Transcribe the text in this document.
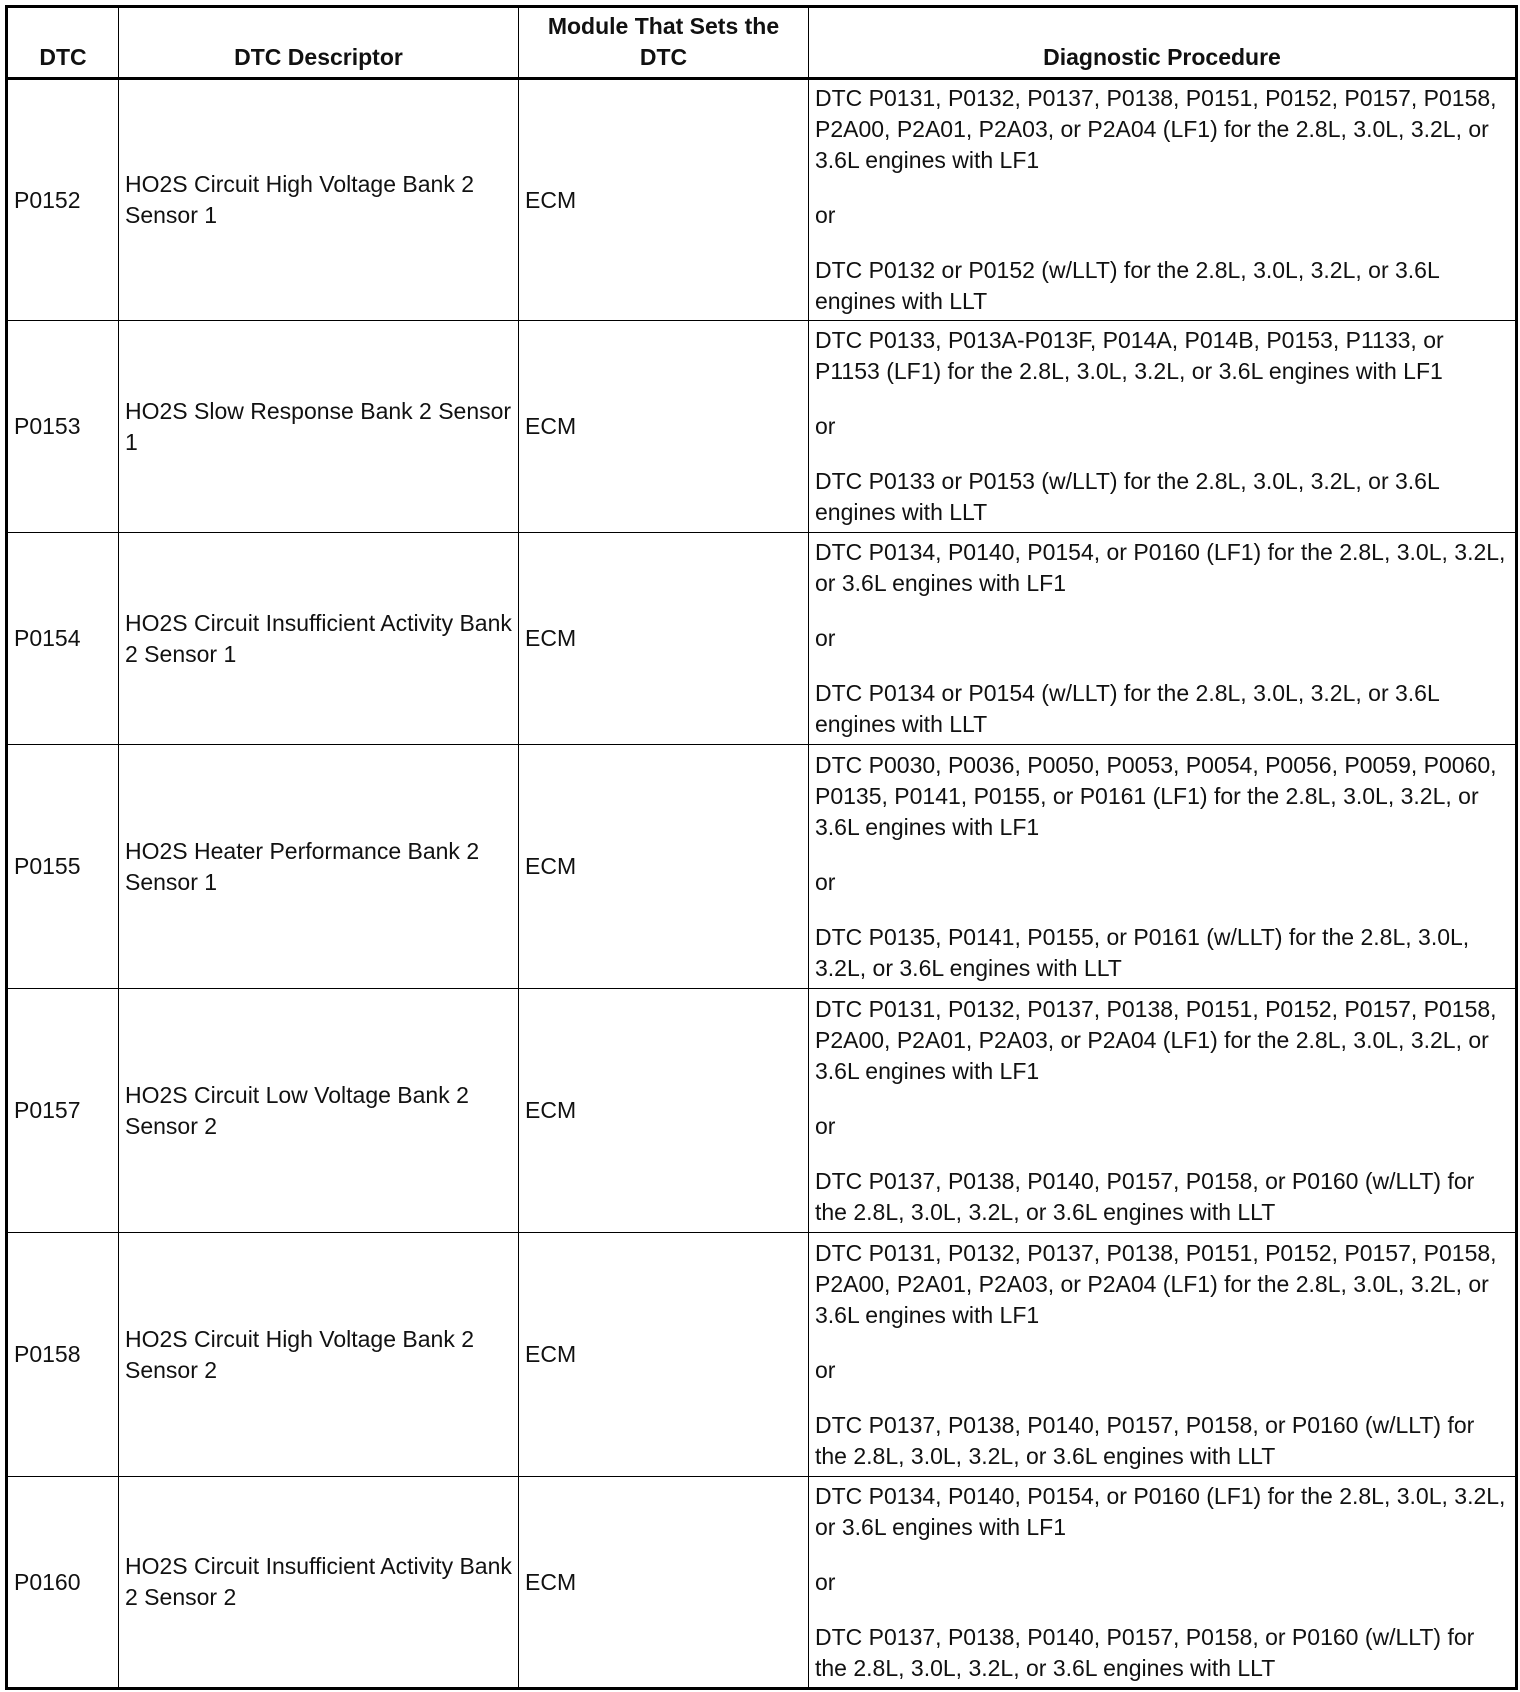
DTC	DTC Descriptor	Module That Sets the DTC	Diagnostic Procedure
P0152	HO2S Circuit High Voltage Bank 2 Sensor 1	ECM	DTC P0131, P0132, P0137, P0138, P0151, P0152, P0157, P0158, P2A00, P2A01, P2A03, or P2A04 (LF1) for the 2.8L, 3.0L, 3.2L, or 3.6L engines with LF1

or

DTC P0132 or P0152 (w/LLT) for the 2.8L, 3.0L, 3.2L, or 3.6L engines with LLT

P0153	HO2S Slow Response Bank 2 Sensor 1	ECM	DTC P0133, P013A-P013F, P014A, P014B, P0153, P1133, or P1153 (LF1) for the 2.8L, 3.0L, 3.2L, or 3.6L engines with LF1

or

DTC P0133 or P0153 (w/LLT) for the 2.8L, 3.0L, 3.2L, or 3.6L engines with LLT

P0154	HO2S Circuit Insufficient Activity Bank 2 Sensor 1	ECM	DTC P0134, P0140, P0154, or P0160 (LF1) for the 2.8L, 3.0L, 3.2L, or 3.6L engines with LF1

or

DTC P0134 or P0154 (w/LLT) for the 2.8L, 3.0L, 3.2L, or 3.6L engines with LLT

P0155	HO2S Heater Performance Bank 2 Sensor 1	ECM	DTC P0030, P0036, P0050, P0053, P0054, P0056, P0059, P0060, P0135, P0141, P0155, or P0161 (LF1) for the 2.8L, 3.0L, 3.2L, or 3.6L engines with LF1

or

DTC P0135, P0141, P0155, or P0161 (w/LLT) for the 2.8L, 3.0L, 3.2L, or 3.6L engines with LLT

P0157	HO2S Circuit Low Voltage Bank 2 Sensor 2	ECM	DTC P0131, P0132, P0137, P0138, P0151, P0152, P0157, P0158, P2A00, P2A01, P2A03, or P2A04 (LF1) for the 2.8L, 3.0L, 3.2L, or 3.6L engines with LF1

or

DTC P0137, P0138, P0140, P0157, P0158, or P0160 (w/LLT) for the 2.8L, 3.0L, 3.2L, or 3.6L engines with LLT

P0158	HO2S Circuit High Voltage Bank 2 Sensor 2	ECM	DTC P0131, P0132, P0137, P0138, P0151, P0152, P0157, P0158, P2A00, P2A01, P2A03, or P2A04 (LF1) for the 2.8L, 3.0L, 3.2L, or 3.6L engines with LF1

or

DTC P0137, P0138, P0140, P0157, P0158, or P0160 (w/LLT) for the 2.8L, 3.0L, 3.2L, or 3.6L engines with LLT

P0160	HO2S Circuit Insufficient Activity Bank 2 Sensor 2	ECM	DTC P0134, P0140, P0154, or P0160 (LF1) for the 2.8L, 3.0L, 3.2L, or 3.6L engines with LF1

or

DTC P0137, P0138, P0140, P0157, P0158, or P0160 (w/LLT) for the 2.8L, 3.0L, 3.2L, or 3.6L engines with LLT
